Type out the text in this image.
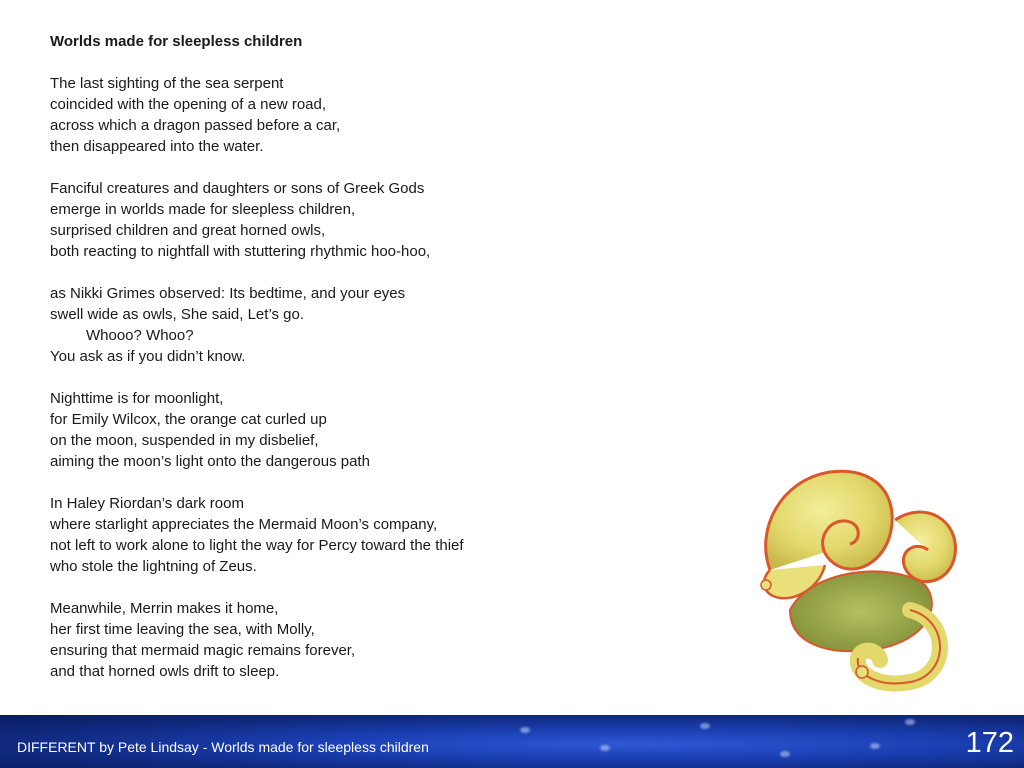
Worlds made for sleepless children
The last sighting of the sea serpent
coincided with the opening of a new road,
across which a dragon passed before a car,
then disappeared into the water.
Fanciful creatures and daughters or sons of Greek Gods
emerge in worlds made for sleepless children,
surprised children and great horned owls,
both reacting to nightfall with stuttering rhythmic hoo-hoo,
as Nikki Grimes observed: Its bedtime, and your eyes
swell wide as owls, She said, Let’s go.
Whooo? Whoo?
You ask as if you didn’t know.
Nighttime is for moonlight,
for Emily Wilcox, the orange cat curled up
on the moon, suspended in my disbelief,
aiming the moon’s light onto the dangerous path
In Haley Riordan’s dark room
where starlight appreciates the Mermaid Moon’s company,
not left to work alone to light the way for Percy toward the thief
who stole the lightning of Zeus.
Meanwhile, Merrin makes it home,
her first time leaving the sea, with Molly,
ensuring that mermaid magic remains forever,
and that horned owls drift to sleep.
DIFFERENT by Pete Lindsay - Worlds made for sleepless children	172
